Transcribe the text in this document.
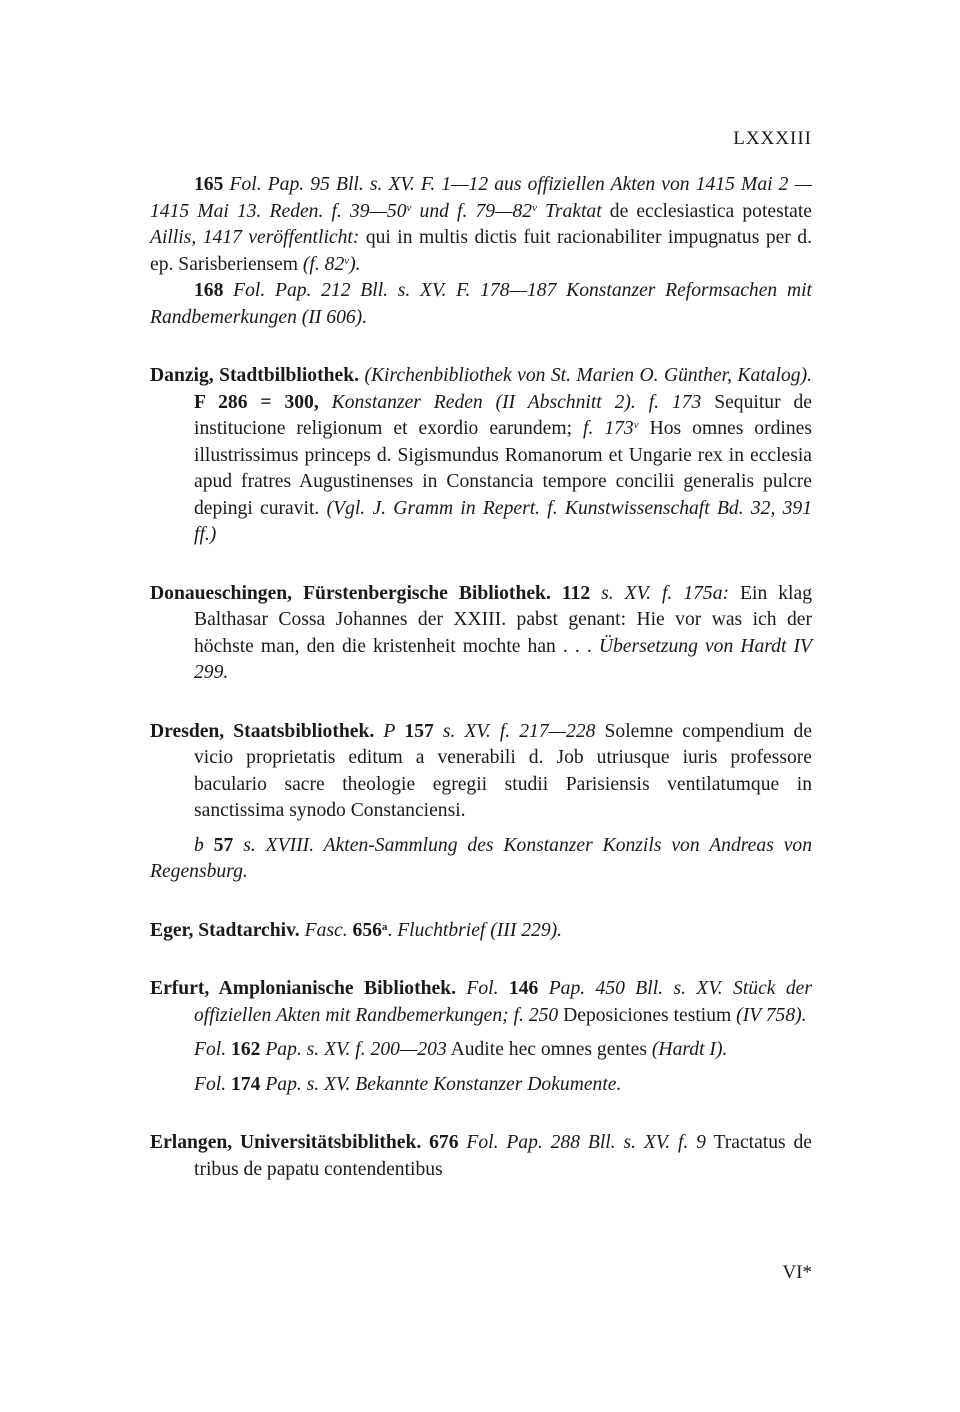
LXXXIII

165 Fol. Pap. 95 Bll. s. XV. F. 1—12 aus offiziellen Akten von 1415 Mai 2 — 1415 Mai 13. Reden. f. 39—50$^v$ und f. 79—82$^v$ Traktat de ecclesiastica potestate Aillis, 1417 veröffentlicht: qui in multis dictis fuit racionabiliter impugnatus per d. ep. Sarisberiensem (f. 82$^v$).

168 Fol. Pap. 212 Bll. s. XV. F. 178—187 Konstanzer Reformsachen mit Randbemerkungen (II 606).

Danzig, Stadtbilbliothek. (Kirchenbibliothek von St. Marien O. Günther, Katalog). F 286 = 300, Konstanzer Reden (II Abschnitt 2). f. 173 Sequitur de institucione religionum et exordio earundem; f. 173$^v$ Hos omnes ordines illustrissimus princeps d. Sigismundus Romanorum et Ungarie rex in ecclesia apud fratres Augustinenses in Constancia tempore concilii generalis pulcre depingi curavit. (Vgl. J. Gramm in Repert. f. Kunstwissenschaft Bd. 32, 391 ff.)

Donaueschingen, Fürstenbergische Bibliothek. 112 s. XV. f. 175a: Ein klag Balthasar Cossa Johannes der XXIII. pabst genant: Hie vor was ich der höchste man, den die kristenheit mochte han . . . Übersetzung von Hardt IV 299.

Dresden, Staatsbibliothek. P 157 s. XV. f. 217—228 Solemne compendium de vicio proprietatis editum a venerabili d. Job utriusque iuris professore baculario sacre theologie egregii studii Parisiensis ventilatumque in sanctissima synodo Constanciensi.

b 57 s. XVIII. Akten-Sammlung des Konstanzer Konzils von Andreas von Regensburg.

Eger, Stadtarchiv. Fasc. 656$^a$. Fluchtbrief (III 229).

Erfurt, Amplonianische Bibliothek. Fol. 146 Pap. 450 Bll. s. XV. Stück der offiziellen Akten mit Randbemerkungen; f. 250 Deposiciones testium (IV 758).

Fol. 162 Pap. s. XV. f. 200—203 Audite hec omnes gentes (Hardt I).

Fol. 174 Pap. s. XV. Bekannte Konstanzer Dokumente.

Erlangen, Universitätsbiblithek. 676 Fol. Pap. 288 Bll. s. XV. f. 9 Tractatus de tribus de papatu contendentibus

VI*
